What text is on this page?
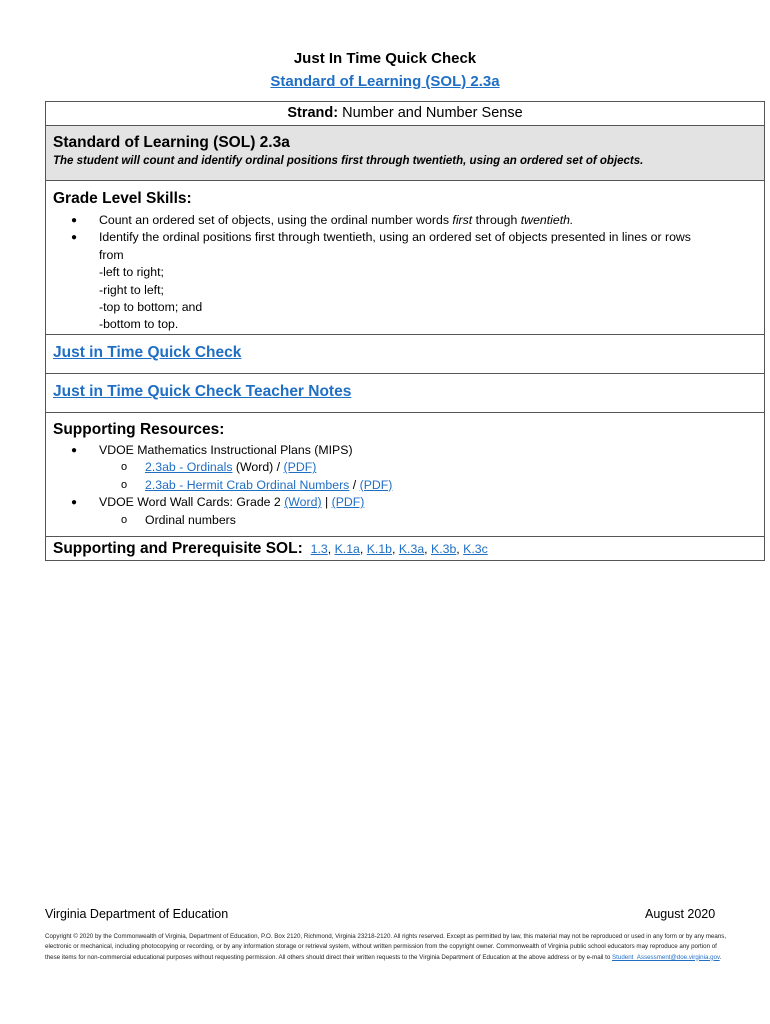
Just In Time Quick Check
Standard of Learning (SOL) 2.3a
Strand: Number and Number Sense

Standard of Learning (SOL) 2.3a
The student will count and identify ordinal positions first through twentieth, using an ordered set of objects.

Grade Level Skills:
● Count an ordered set of objects, using the ordinal number words first through twentieth.
● Identify the ordinal positions first through twentieth, using an ordered set of objects presented in lines or rows
from
-left to right;
-right to left;
-top to bottom; and
-bottom to top.

Just in Time Quick Check
Just in Time Quick Check Teacher Notes

Supporting Resources:
● VDOE Mathematics Instructional Plans (MIPS)
o 2.3ab - Ordinals (Word) / (PDF)
o 2.3ab - Hermit Crab Ordinal Numbers / (PDF)
● VDOE Word Wall Cards: Grade 2 (Word) | (PDF)
o Ordinal numbers

Supporting and Prerequisite SOL: 1.3, K.1a, K.1b, K.3a, K.3b, K.3c
Virginia Department of Education	August 2020
Copyright © 2020 by the Commonwealth of Virginia, Department of Education, P.O. Box 2120, Richmond, Virginia 23218-2120. All rights reserved. Except as permitted by law, this material may not be reproduced or used in any form or by any means, electronic or mechanical, including photocopying or recording, or by any information storage or retrieval system, without written permission from the copyright owner. Commonwealth of Virginia public school educators may reproduce any portion of these items for non-commercial educational purposes without requesting permission. All others should direct their written requests to the Virginia Department of Education at the above address or by e-mail to Student_Assessment@doe.virginia.gov.
